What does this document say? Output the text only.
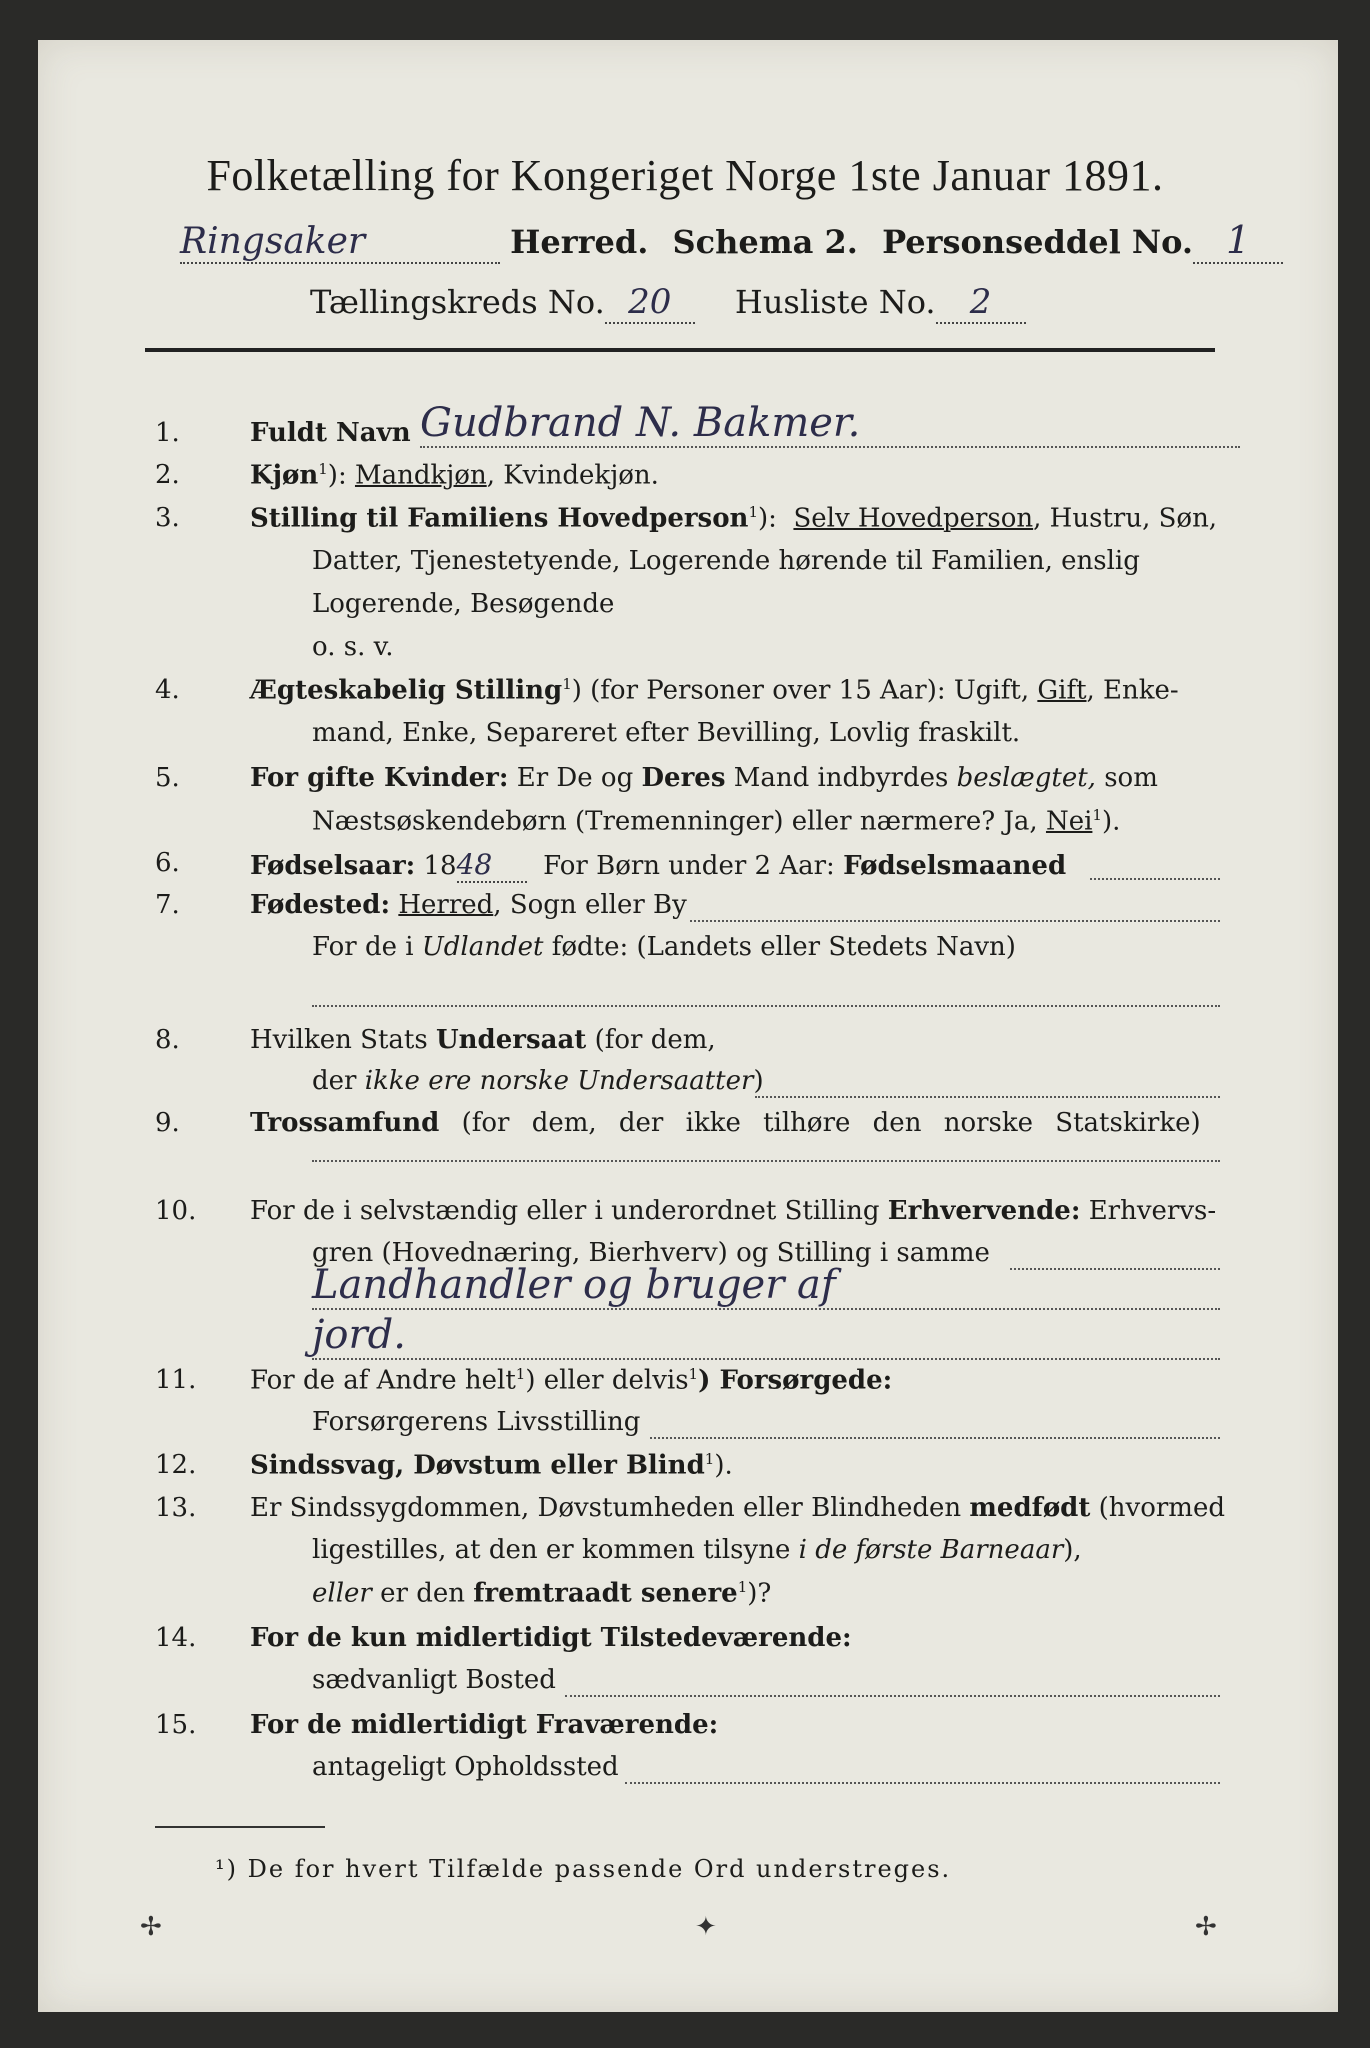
Folketælling for Kongeriget Norge 1ste Januar 1891.
Ringsaker	Herred. Schema 2. Personseddel No. 1
Tællingskreds No. 20 Husliste No. 2
1.	Fuldt Navn Gudbrand N. Bakmer.
2.	Kjøn$^1$): Mandkjøn, Kvindekjøn.
3.	Stilling til Familiens Hovedperson$^1$):  Selv Hovedperson, Hustru, Søn,
Datter, Tjenestetyende, Logerende hørende til Familien, enslig
Logerende, Besøgende
o. s. v.
4.	Ægteskabelig Stilling$^1$) (for Personer over 15 Aar): Ugift, Gift, Enke-
mand, Enke, Separeret efter Bevilling, Lovlig fraskilt.
5.	For gifte Kvinder: Er De og Deres Mand indbyrdes beslægtet, som
Næstsøskendebørn (Tremenninger) eller nærmere? Ja, Nei$^1$).
6.	Fødselsaar: 1848 For Børn under 2 Aar: Fødselsmaaned
7.	Fødested: Herred, Sogn eller By
For de i Udlandet fødte: (Landets eller Stedets Navn)
8.	Hvilken Stats Undersaat (for dem,
der ikke ere norske Undersaatter)
9.	Trossamfund (for dem, der ikke tilhøre den norske Statskirke)
10.	For de i selvstændig eller i underordnet Stilling Erhvervende: Erhvervs-
gren (Hovednæring, Bierhverv) og Stilling i samme
Landhandler og bruger af
jord.
11.	For de af Andre helt$^1$) eller delvis$^1$) Forsørgede:
Forsørgerens Livsstilling
12.	Sindssvag, Døvstum eller Blind$^1$).
13.	Er Sindssygdommen, Døvstumheden eller Blindheden medfødt (hvormed
ligestilles, at den er kommen tilsyne i de første Barneaar),
eller er den fremtraadt senere$^1$)?
14.	For de kun midlertidigt Tilstedeværende:
sædvanligt Bosted
15.	For de midlertidigt Fraværende:
antageligt Opholdssted
¹) De for hvert Tilfælde passende Ord understreges.
✢	✦	✢
